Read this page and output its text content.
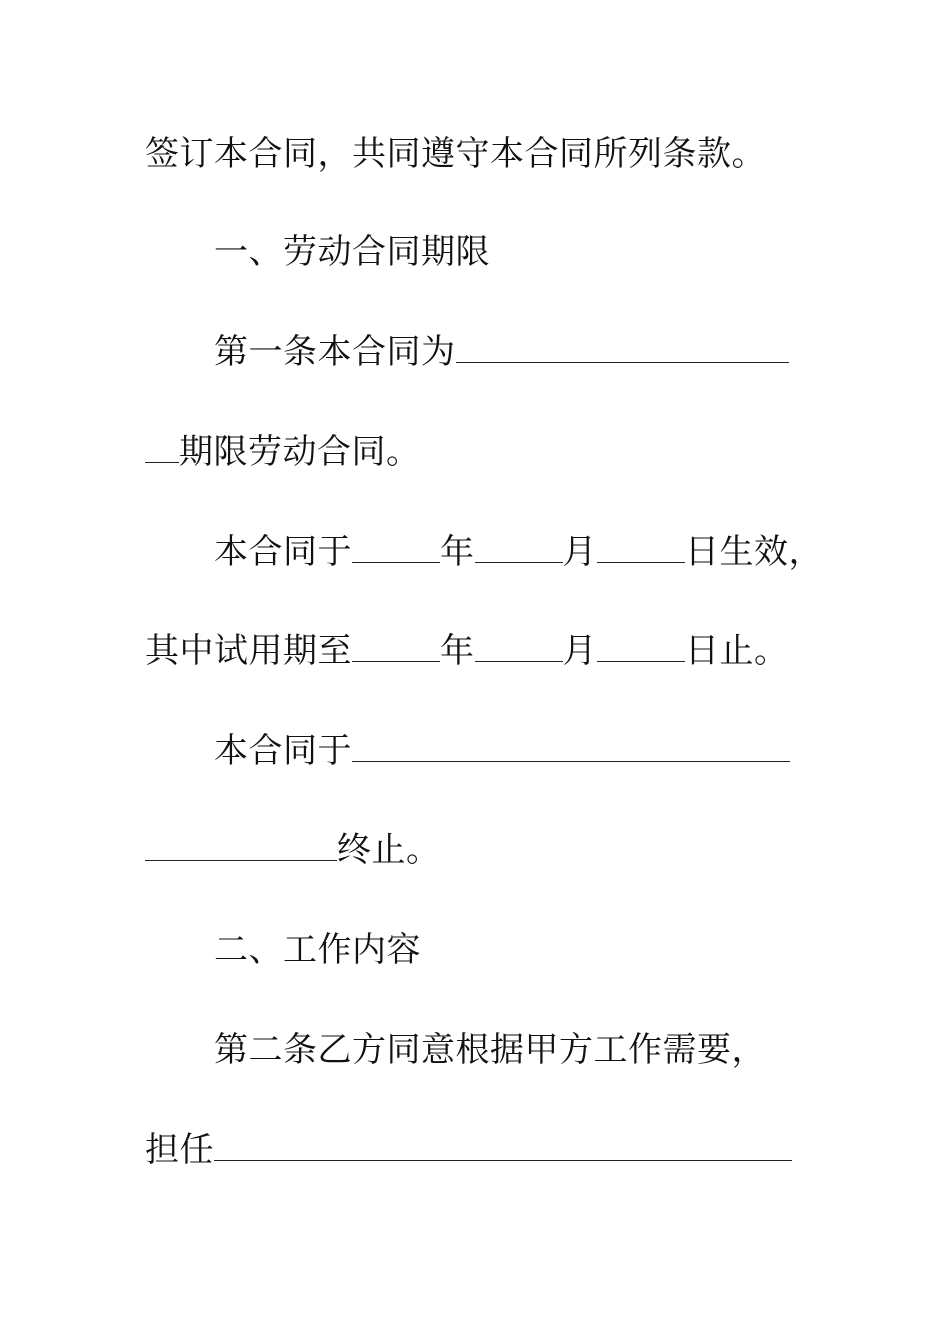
签订本合同，共同遵守本合同所列条款。
一、劳动合同期限
第一条本合同为
期限劳动合同。
本合同于	年	月	日生效，
其中试用期至	年	月	日止。
本合同于
终止。
二、工作内容
第二条乙方同意根据甲方工作需要，
担任
